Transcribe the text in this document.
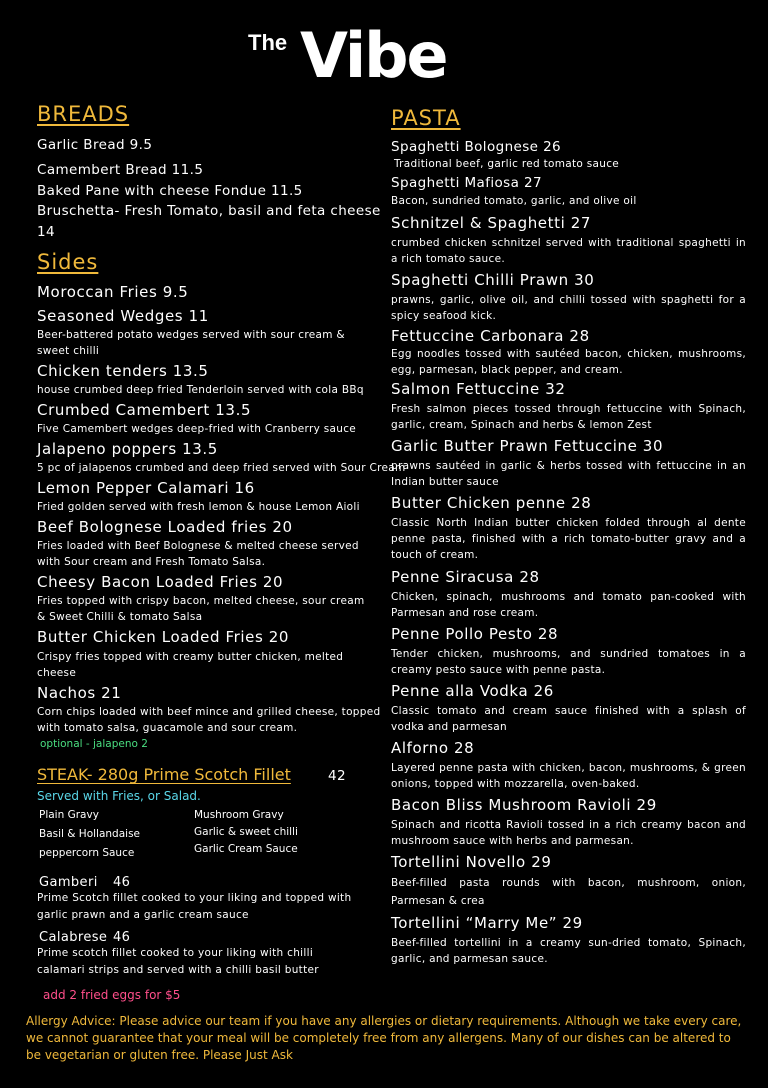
The Vibe
BREADS
Garlic Bread 9.5
Camembert Bread 11.5
Baked Pane with cheese Fondue 11.5
Bruschetta- Fresh Tomato, basil and feta cheese
14
Sides
Moroccan Fries 9.5
Seasoned Wedges 11
Beer-battered potato wedges served with sour cream & sweet chilli
Chicken tenders 13.5
house crumbed deep fried Tenderloin served with cola BBq
Crumbed Camembert 13.5
Five Camembert wedges deep-fried with Cranberry sauce
Jalapeno poppers 13.5
5 pc of jalapenos crumbed and deep fried served with Sour Cream
Lemon Pepper Calamari 16
Fried golden served with fresh lemon & house Lemon Aioli
Beef Bolognese Loaded fries 20
Fries loaded with Beef Bolognese & melted cheese served with Sour cream and Fresh Tomato Salsa.
Cheesy Bacon Loaded Fries 20
Fries topped with crispy bacon, melted cheese, sour cream & Sweet Chilli & tomato Salsa
Butter Chicken Loaded Fries 20
Crispy fries topped with creamy butter chicken, melted cheese
Nachos 21
Corn chips loaded with beef mince and grilled cheese, topped with tomato salsa, guacamole and sour cream.
optional - jalapeno 2
STEAK- 280g Prime Scotch Fillet	42
Served with Fries, or Salad.
Plain Gravy
Basil & Hollandaise
peppercorn Sauce
Mushroom Gravy
Garlic & sweet chilli
Garlic Cream Sauce
Gamberi 46
Prime Scotch fillet cooked to your liking and topped with garlic prawn and a garlic cream sauce
Calabrese 46
Prime scotch fillet cooked to your liking with chilli calamari strips and served with a chilli basil butter
add 2 fried eggs for $5
PASTA
Spaghetti Bolognese 26
Traditional beef, garlic red tomato sauce
Spaghetti Mafiosa 27
Bacon, sundried tomato, garlic, and olive oil
Schnitzel & Spaghetti 27
crumbed chicken schnitzel served with traditional spaghetti in a rich tomato sauce.
Spaghetti Chilli Prawn 30
prawns, garlic, olive oil, and chilli tossed with spaghetti for a spicy seafood kick.
Fettuccine Carbonara 28
Egg noodles tossed with sautéed bacon, chicken, mushrooms, egg, parmesan, black pepper, and cream.
Salmon Fettuccine 32
Fresh salmon pieces tossed through fettuccine with Spinach, garlic, cream, Spinach and herbs & lemon Zest
Garlic Butter Prawn Fettuccine 30
prawns sautéed in garlic & herbs tossed with fettuccine in an Indian butter sauce
Butter Chicken penne 28
Classic North Indian butter chicken folded through al dente penne pasta, finished with a rich tomato-butter gravy and a touch of cream.
Penne Siracusa 28
Chicken, spinach, mushrooms and tomato pan-cooked with Parmesan and rose cream.
Penne Pollo Pesto 28
Tender chicken, mushrooms, and sundried tomatoes in a creamy pesto sauce with penne pasta.
Penne alla Vodka 26
Classic tomato and cream sauce finished with a splash of vodka and parmesan
Alforno 28
Layered penne pasta with chicken, bacon, mushrooms, & green onions, topped with mozzarella, oven-baked.
Bacon Bliss Mushroom Ravioli 29
Spinach and ricotta Ravioli tossed in a rich creamy bacon and mushroom sauce with herbs and parmesan.
Tortellini Novello 29
Beef-filled pasta rounds with bacon, mushroom, onion, Parmesan & crea
Tortellini “Marry Me” 29
Beef-filled tortellini in a creamy sun-dried tomato, Spinach, garlic, and parmesan sauce.
Allergy Advice: Please advice our team if you have any allergies or dietary requirements. Although we take every care, we cannot guarantee that your meal will be completely free from any allergens. Many of our dishes can be altered to be vegetarian or gluten free. Please Just Ask
